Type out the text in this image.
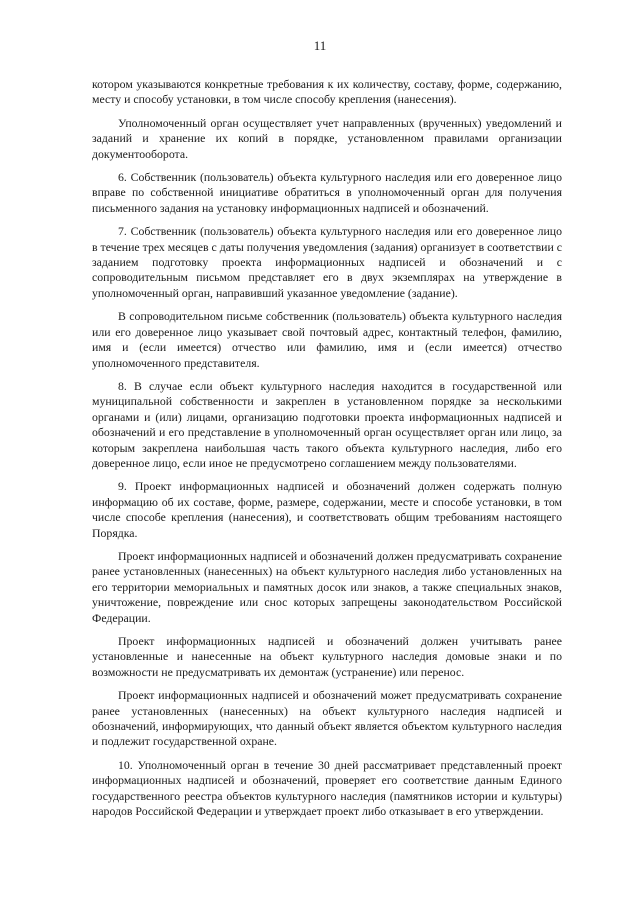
11

котором указываются конкретные требования к их количеству, составу, форме, содержанию, месту и способу установки, в том числе способу крепления (нанесения).

Уполномоченный орган осуществляет учет направленных (врученных) уведомлений и заданий и хранение их копий в порядке, установленном правилами организации документооборота.

6. Собственник (пользователь) объекта культурного наследия или его доверенное лицо вправе по собственной инициативе обратиться в уполномоченный орган для получения письменного задания на установку информационных надписей и обозначений.

7. Собственник (пользователь) объекта культурного наследия или его доверенное лицо в течение трех месяцев с даты получения уведомления (задания) организует в соответствии с заданием подготовку проекта информационных надписей и обозначений и с сопроводительным письмом представляет его в двух экземплярах на утверждение в уполномоченный орган, направивший указанное уведомление (задание).

В сопроводительном письме собственник (пользователь) объекта культурного наследия или его доверенное лицо указывает свой почтовый адрес, контактный телефон, фамилию, имя и (если имеется) отчество или фамилию, имя и (если имеется) отчество уполномоченного представителя.

8. В случае если объект культурного наследия находится в государственной или муниципальной собственности и закреплен в установленном порядке за несколькими органами и (или) лицами, организацию подготовки проекта информационных надписей и обозначений и его представление в уполномоченный орган осуществляет орган или лицо, за которым закреплена наибольшая часть такого объекта культурного наследия, либо его доверенное лицо, если иное не предусмотрено соглашением между пользователями.

9. Проект информационных надписей и обозначений должен содержать полную информацию об их составе, форме, размере, содержании, месте и способе установки, в том числе способе крепления (нанесения), и соответствовать общим требованиям настоящего Порядка.

Проект информационных надписей и обозначений должен предусматривать сохранение ранее установленных (нанесенных) на объект культурного наследия либо установленных на его территории мемориальных и памятных досок или знаков, а также специальных знаков, уничтожение, повреждение или снос которых запрещены законодательством Российской Федерации.

Проект информационных надписей и обозначений должен учитывать ранее установленные и нанесенные на объект культурного наследия домовые знаки и по возможности не предусматривать их демонтаж (устранение) или перенос.

Проект информационных надписей и обозначений может предусматривать сохранение ранее установленных (нанесенных) на объект культурного наследия надписей и обозначений, информирующих, что данный объект является объектом культурного наследия и подлежит государственной охране.

10. Уполномоченный орган в течение 30 дней рассматривает представленный проект информационных надписей и обозначений, проверяет его соответствие данным Единого государственного реестра объектов культурного наследия (памятников истории и культуры) народов Российской Федерации и утверждает проект либо отказывает в его утверждении.
